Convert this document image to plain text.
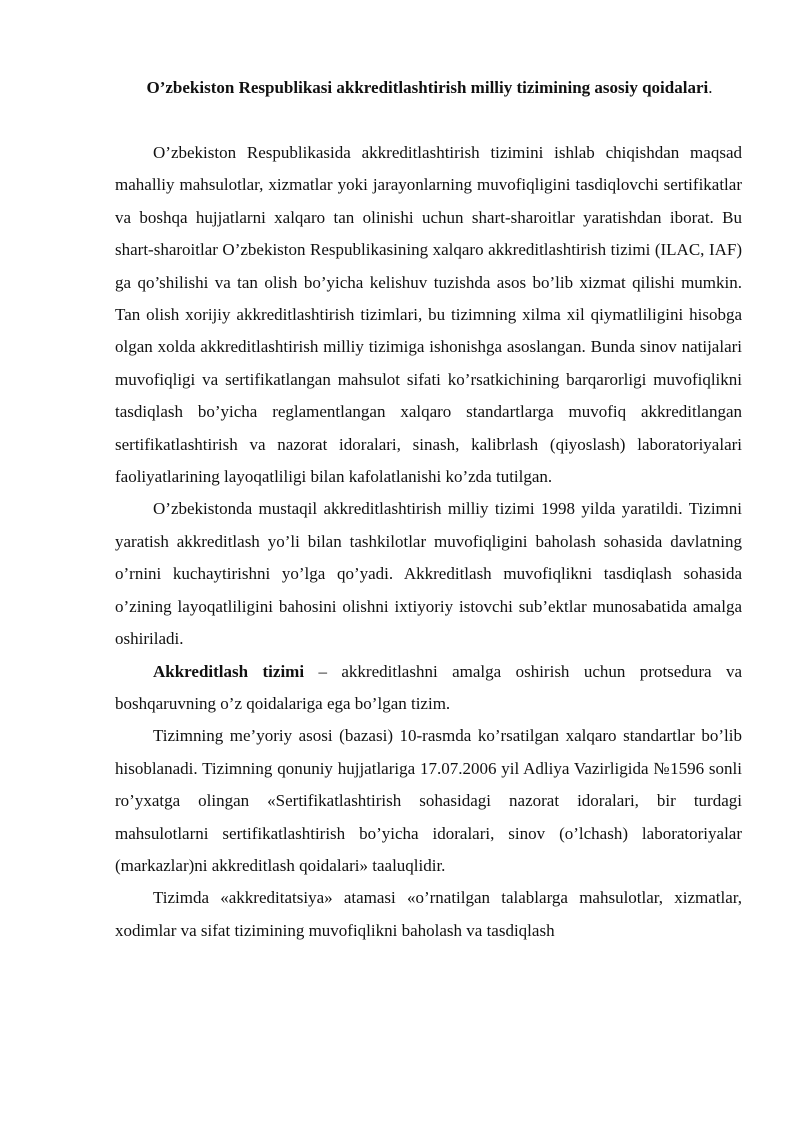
O’zbekiston Respublikasi akkreditlashtirish milliy tizimining asosiy qoidalari.

O’zbekiston Respublikasida akkreditlashtirish tizimini ishlab chiqishdan maqsad mahalliy mahsulotlar, xizmatlar yoki jarayonlarning muvofiqligini tasdiqlovchi sertifikatlar va boshqa hujjatlarni xalqaro tan olinishi uchun shart-sharoitlar yaratishdan iborat. Bu shart-sharoitlar O’zbekiston Respublikasining xalqaro akkreditlashtirish tizimi (ILAC, IAF) ga qo’shilishi va tan olish bo’yicha kelishuv tuzishda asos bo’lib xizmat qilishi mumkin. Tan olish xorijiy akkreditlashtirish tizimlari, bu tizimning xilma xil qiymatliligini hisobga olgan xolda akkreditlashtirish milliy tizimiga ishonishga asoslangan. Bunda sinov natijalari muvofiqligi va sertifikatlangan mahsulot sifati ko’rsatkichining barqarorligi muvofiqlikni tasdiqlash bo’yicha reglamentlangan xalqaro standartlarga muvofiq akkreditlangan sertifikatlashtirish va nazorat idoralari, sinash, kalibrlash (qiyoslash) laboratoriyalari faoliyatlarining layoqatliligi bilan kafolatlanishi ko’zda tutilgan.

O’zbekistonda mustaqil akkreditlashtirish milliy tizimi 1998 yilda yaratildi. Tizimni yaratish akkreditlash yo’li bilan tashkilotlar muvofiqligini baholash sohasida davlatning o’rnini kuchaytirishni yo’lga qo’yadi. Akkreditlash muvofiqlikni tasdiqlash sohasida o’zining layoqatliligini bahosini olishni ixtiyoriy istovchi sub’ektlar munosabatida amalga oshiriladi.

Akkreditlash tizimi – akkreditlashni amalga oshirish uchun protsedura va boshqaruvning o’z qoidalariga ega bo’lgan tizim.

Tizimning me’yoriy asosi (bazasi) 10-rasmda ko’rsatilgan xalqaro standartlar bo’lib hisoblanadi. Tizimning qonuniy hujjatlariga 17.07.2006 yil Adliya Vazirligida №1596 sonli ro’yxatga olingan «Sertifikatlashtirish sohasidagi nazorat idoralari, bir turdagi mahsulotlarni sertifikatlashtirish bo’yicha idoralari, sinov (o’lchash) laboratoriyalar (markazlar)ni akkreditlash qoidalari» taaluqlidir.

Tizimda «akkreditatsiya» atamasi «o’rnatilgan talablarga mahsulotlar, xizmatlar, xodimlar va sifat tizimining muvofiqlikni baholash va tasdiqlash
